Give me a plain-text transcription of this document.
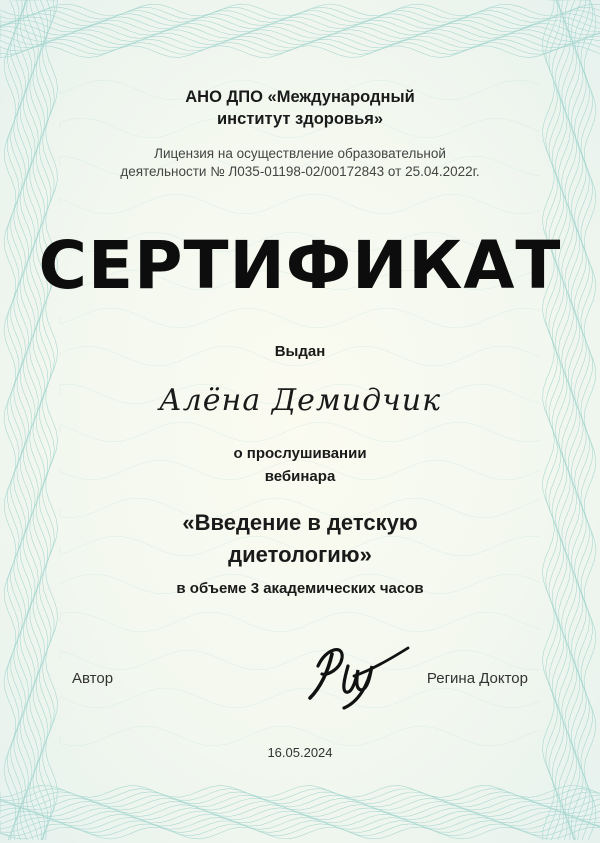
АНО ДПО «Международный
институт здоровья»
Лицензия на осуществление образовательной
деятельности № Л035-01198-02/00172843 от 25.04.2022г.
СЕРТИФИКАТ
Выдан
Алёна Демидчик
о прослушивании
вебинара
«Введение в детскую
диетологию»
в объеме 3 академических часов
Автор	Регина Доктор
16.05.2024
